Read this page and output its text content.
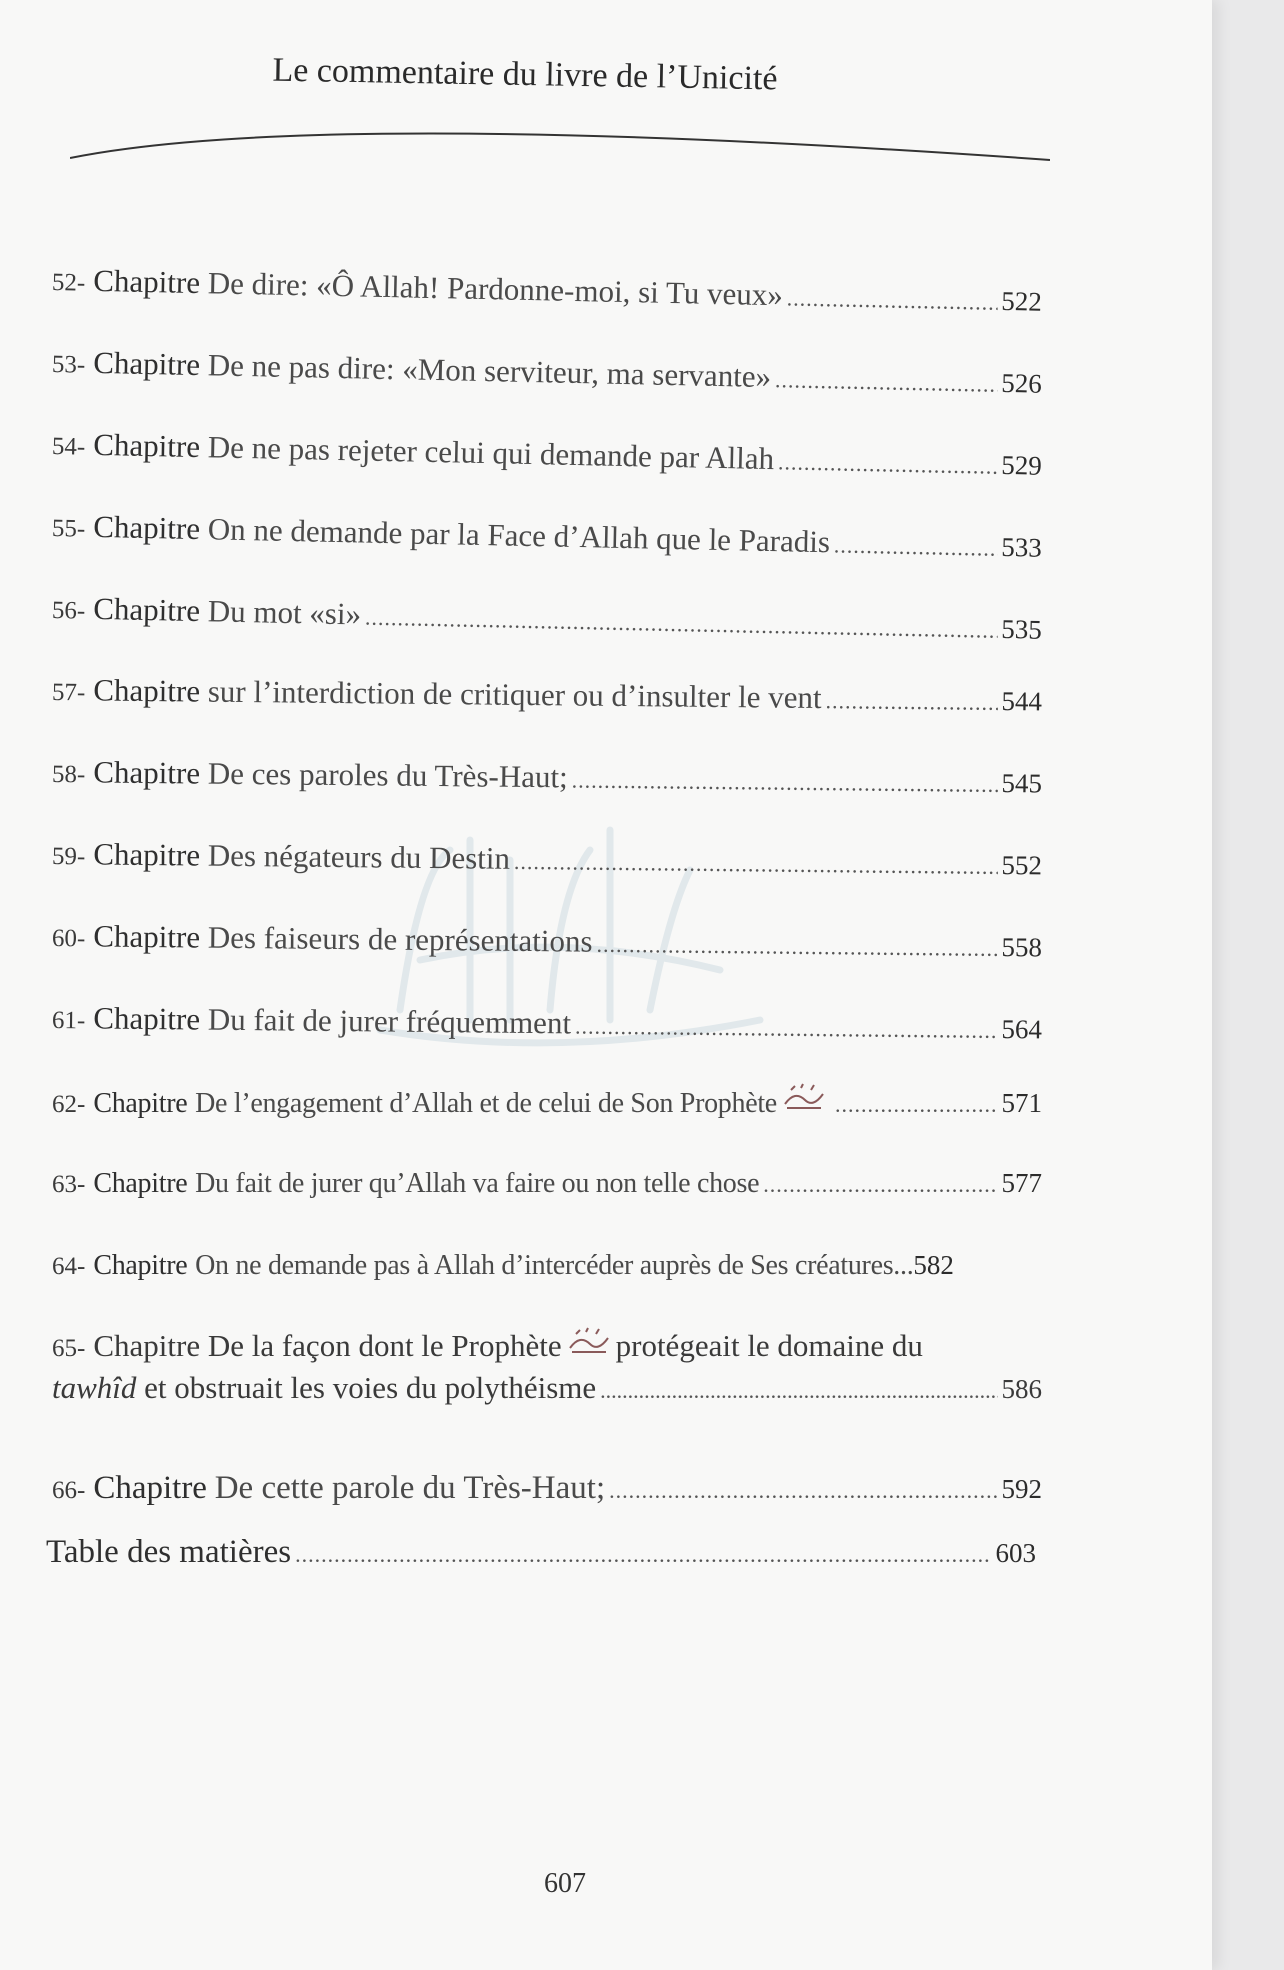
Le commentaire du livre de l’Unicité
52- Chapitre
De dire: «Ô Allah! Pardonne-moi, si Tu veux» .....	522
53- Chapitre
De ne pas dire: «Mon serviteur, ma servante» .....	526
54- Chapitre
De ne pas rejeter celui qui demande par Allah .....	529
55- Chapitre
On ne demande par la Face d’Allah que le Paradis .....	533
56- Chapitre
Du mot «si» .....	535
57- Chapitre
sur l’interdiction de critiquer ou d’insulter le vent .....	544
58- Chapitre
De ces paroles du Très-Haut; .....	545
59- Chapitre
Des négateurs du Destin .....	552
60- Chapitre
Des faiseurs de représentations .....	558
61- Chapitre
Du fait de jurer fréquemment .....	564
62- Chapitre
De l’engagement d’Allah et de celui de Son Prophète .....	571
63- Chapitre
Du fait de jurer qu’Allah va faire ou non telle chose .....	577
64- Chapitre
On ne demande pas à Allah d’intercéder auprès de Ses créatures... 582
65- Chapitre
De la façon dont le Prophète protégeait le domaine du
tawhîd
et obstruait les voies du polythéisme .....	586
66- Chapitre
De cette parole du Très-Haut; .....	592
Table des matières .....	603
607
